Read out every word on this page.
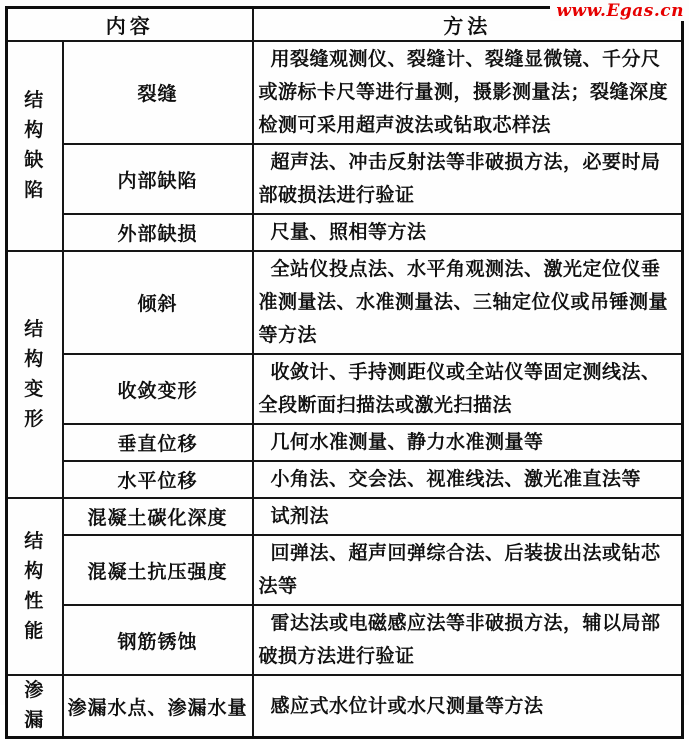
www.Egas.cn
内容		方法
结构缺陷	裂缝	用裂缝观测仪、裂缝计、裂缝显微镜、千分尺或游标卡尺等进行量测，摄影测量法；裂缝深度检测可采用超声波法或钻取芯样法
	内部缺陷	超声法、冲击反射法等非破损方法，必要时局部破损法进行验证
	外部缺损	尺量、照相等方法
结构变形	倾斜	全站仪投点法、水平角观测法、激光定位仪垂准测量法、水准测量法、三轴定位仪或吊锤测量等方法
	收敛变形	收敛计、手持测距仪或全站仪等固定测线法、全段断面扫描法或激光扫描法
	垂直位移	几何水准测量、静力水准测量等
	水平位移	小角法、交会法、视准线法、激光准直法等
结构性能	混凝土碳化深度	试剂法
	混凝土抗压强度	回弹法、超声回弹综合法、后装拔出法或钻芯法等
	钢筋锈蚀	雷达法或电磁感应法等非破损方法，辅以局部破损方法进行验证
渗漏	渗漏水点、渗漏水量	感应式水位计或水尺测量等方法
